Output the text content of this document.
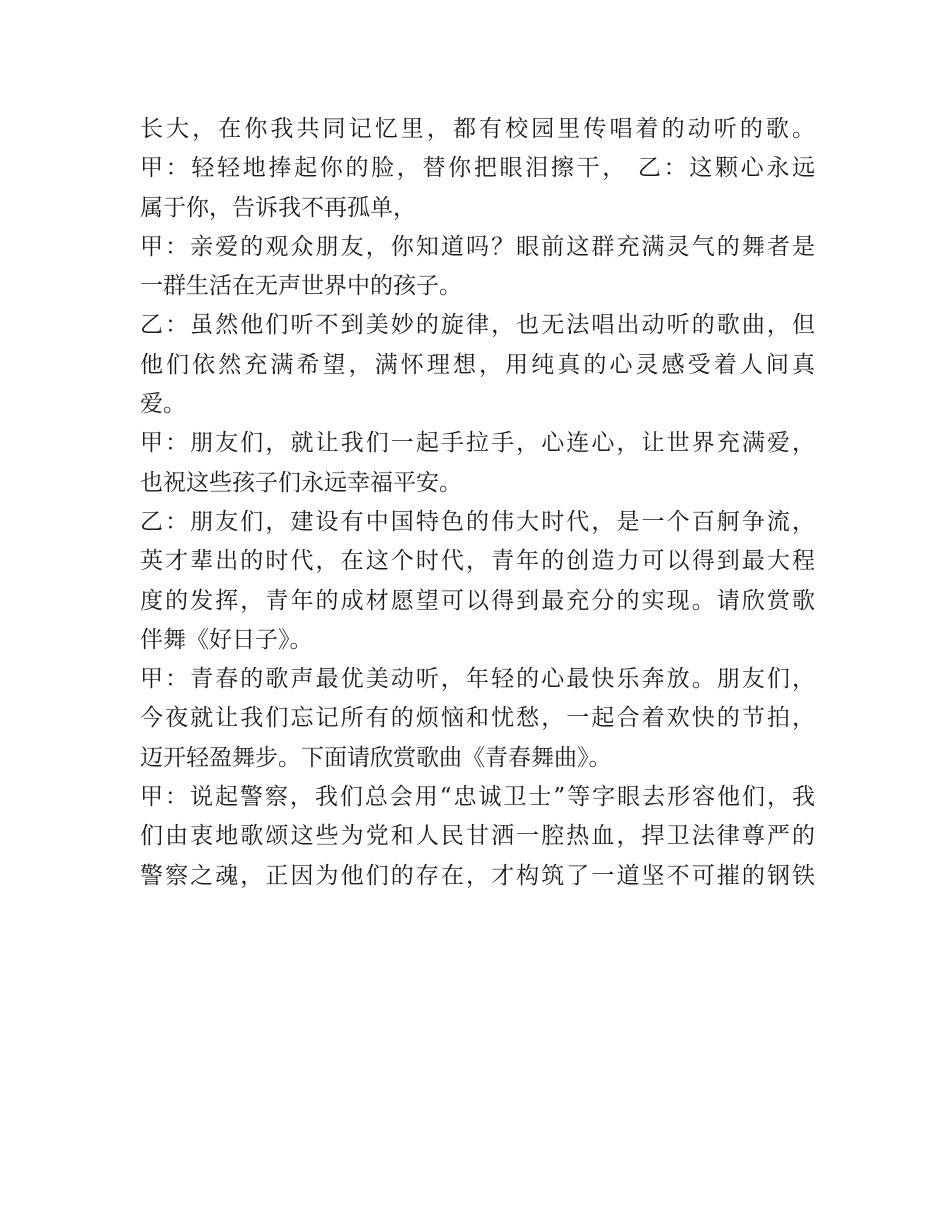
长大，在你我共同记忆里，都有校园里传唱着的动听的歌。
甲：轻轻地捧起你的脸，替你把眼泪擦干， 乙：这颗心永远
属于你，告诉我不再孤单，
甲：亲爱的观众朋友，你知道吗？眼前这群充满灵气的舞者是
一群生活在无声世界中的孩子。
乙：虽然他们听不到美妙的旋律，也无法唱出动听的歌曲，但
他们依然充满希望，满怀理想，用纯真的心灵感受着人间真
爱。
甲：朋友们，就让我们一起手拉手，心连心，让世界充满爱，
也祝这些孩子们永远幸福平安。
乙：朋友们，建设有中国特色的伟大时代，是一个百舸争流，
英才辈出的时代，在这个时代，青年的创造力可以得到最大程
度的发挥，青年的成材愿望可以得到最充分的实现。请欣赏歌
伴舞《好日子》。
甲：青春的歌声最优美动听，年轻的心最快乐奔放。朋友们，
今夜就让我们忘记所有的烦恼和忧愁，一起合着欢快的节拍，
迈开轻盈舞步。下面请欣赏歌曲《青春舞曲》。
甲：说起警察，我们总会用“忠诚卫士”等字眼去形容他们，我
们由衷地歌颂这些为党和人民甘洒一腔热血，捍卫法律尊严的
警察之魂，正因为他们的存在，才构筑了一道坚不可摧的钢铁
